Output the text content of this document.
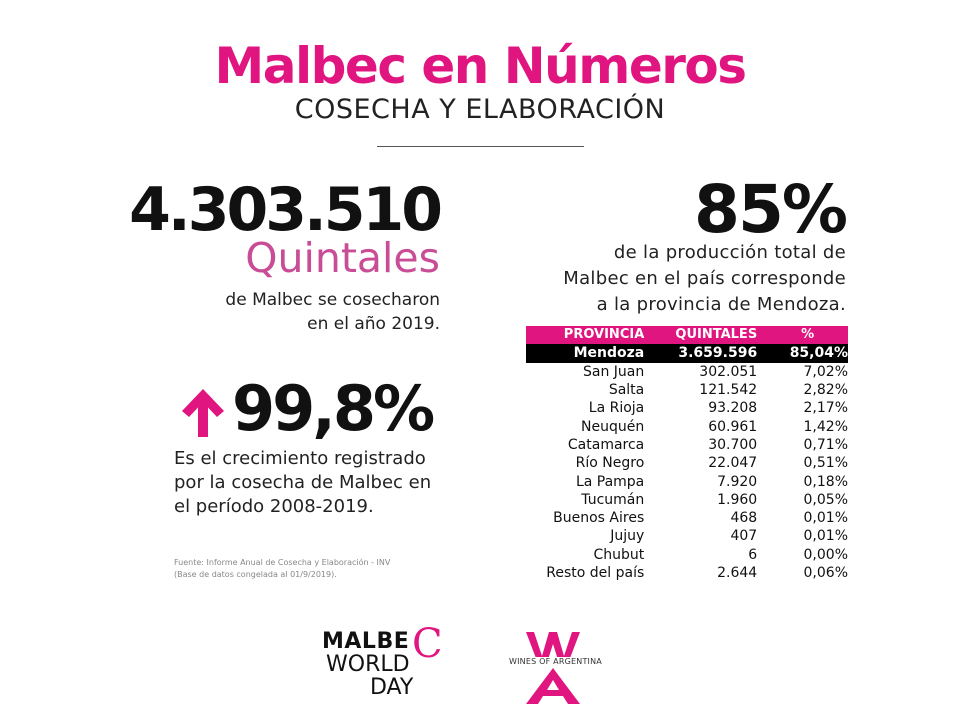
Malbec en Números
COSECHA Y ELABORACIÓN
4.303.510
Quintales
de Malbec se cosecharon
en el año 2019.
99,8%
Es el crecimiento registrado
por la cosecha de Malbec en
el período 2008-2019.
Fuente: Informe Anual de Cosecha y Elaboración - INV
(Base de datos congelada al 01/9/2019).
85%
de la producción total de
Malbec en el país corresponde
a la provincia de Mendoza.
PROVINCIA	QUINTALES	%
Mendoza	3.659.596	85,04%
San Juan	302.051	7,02%
Salta	121.542	2,82%
La Rioja	93.208	2,17%
Neuquén	60.961	1,42%
Catamarca	30.700	0,71%
Río Negro	22.047	0,51%
La Pampa	7.920	0,18%
Tucumán	1.960	0,05%
Buenos Aires	468	0,01%
Jujuy	407	0,01%
Chubut	6	0,00%
Resto del país	2.644	0,06%
MALBE C
WORLD
DAY
WINES OF ARGENTINA
